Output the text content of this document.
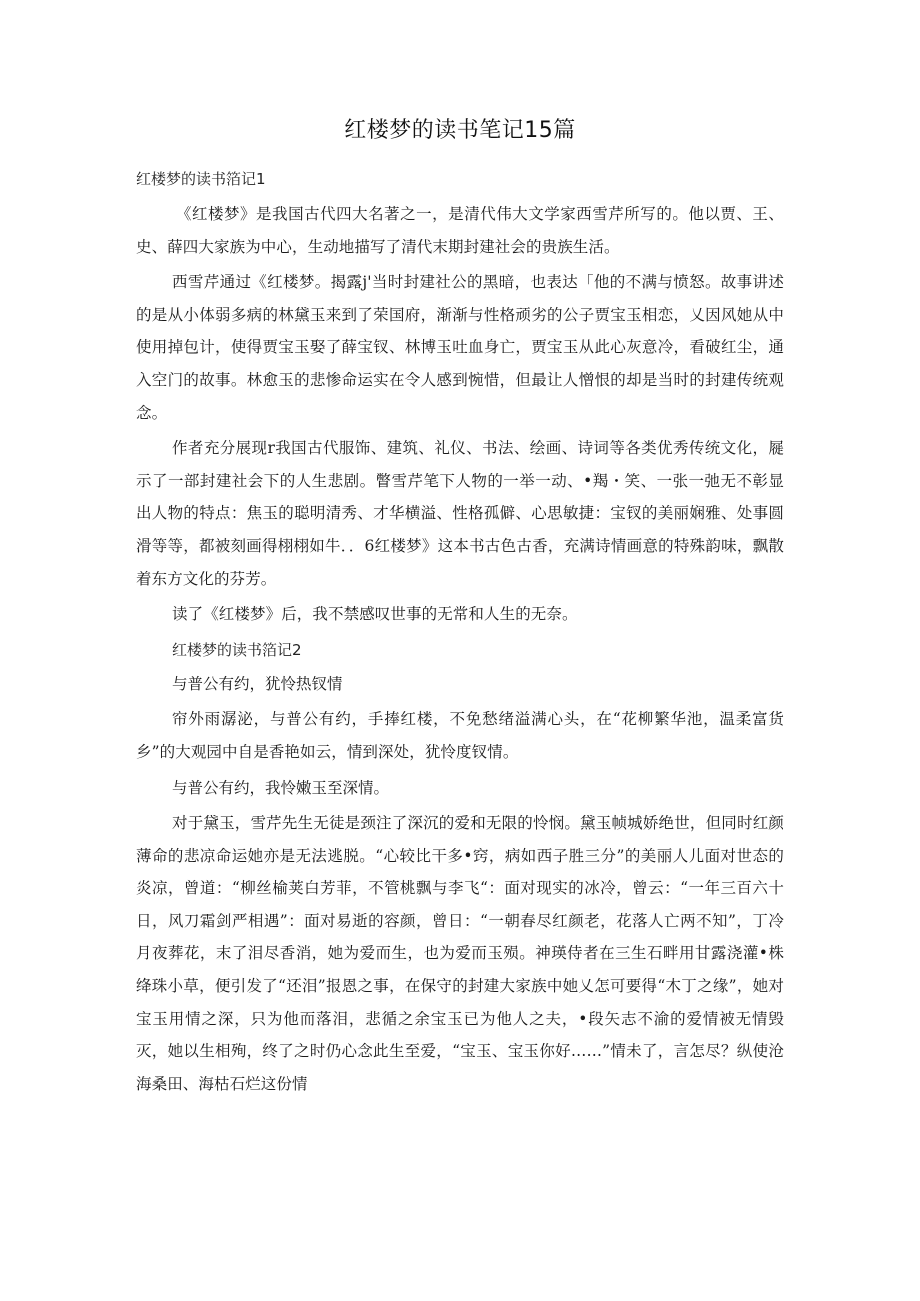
红楼梦的读书笔记15篇

红楼梦的读书箔记1

《红楼梦》是我国古代四大名著之一，是清代伟大文学家西雪芹所写的。他以贾、王、史、薛四大家族为中心，生动地描写了清代末期封建社会的贵族生活。

西雪芹通过《红楼梦。揭露j'当时封建社公的黑暗，也表达「他的不满与愤怒。故事讲述的是从小体弱多病的林黛玉来到了荣国府，渐渐与性格顽劣的公子贾宝玉相恋，乂因风她从中使用掉包计，使得贾宝玉娶了薛宝钗、林博玉吐血身亡，贾宝玉从此心灰意冷，看破红尘，通入空门的故事。林愈玉的悲惨命运实在令人感到惋惜，但最让人憎恨的却是当时的封建传统观念。

作者充分展现r我国古代服饰、建筑、礼仪、书法、绘画、诗词等各类优秀传统文化，屣示了一部封建社会下的人生悲剧。瞥雪芹笔下人物的一举一动、•羯・笑、一张一弛无不彰显出人物的特点：焦玉的聪明清秀、才华横溢、性格孤僻、心思敏捷：宝钗的美丽娴雅、处事圆滑等等，都被刻画得栩栩如牛．．6红楼梦》这本书古色古香，充满诗情画意的特殊韵味，飘散着东方文化的芬芳。

读了《红楼梦》后，我不禁感叹世事的无常和人生的无奈。

红楼梦的读书箔记2

与普公有约，犹怜热钗情

帘外雨潺泌，与普公有约，手捧红楼，不免愁绪溢满心头，在“花柳繁华池，温柔富货乡”的大观园中自是香艳如云，情到深处，犹怜度钗情。

与普公有约，我怜嫩玉至深情。

对于黛玉，雪芹先生无徒是颈注了深沉的爱和无限的怜悯。黛玉帧城娇绝世，但同时红颜薄命的悲凉命运她亦是无法逃脱。“心较比干多•窍，病如西子胜三分”的美丽人儿面对世态的炎凉，曾道：“柳丝榆荚白芳菲，不管桃飘与李飞“：面对现实的冰冷，曾云：“一年三百六十日，风刀霜剑严相遇”：面对易逝的容颜，曾日：“一朝春尽红颜老，花落人亡两不知”，丁冷月夜葬花，末了泪尽香消，她为爱而生，也为爱而玉殒。神瑛侍者在三生石畔用甘露浇灌•株绛珠小草，便引发了“还泪”报恩之事，在保守的封建大家族中她乂怎可要得“木丁之缘”，她对宝玉用情之深，只为他而落泪，悲循之余宝玉已为他人之夫，•段矢志不渝的爱情被无情毁灭，她以生相殉，终了之时仍心念此生至爱，“宝玉、宝玉你好……”情未了，言怎尽？纵使沧海桑田、海枯石烂这份情
